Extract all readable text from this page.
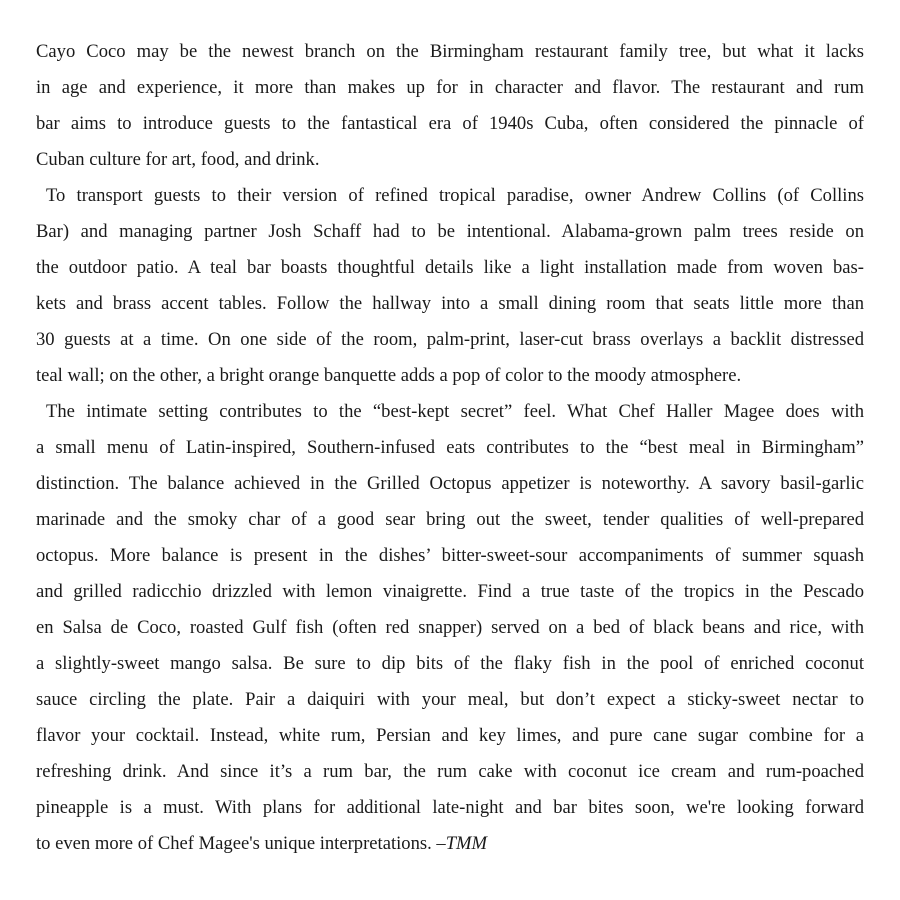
Cayo Coco may be the newest branch on the Birmingham restaurant family tree, but what it lacks
in age and experience, it more than makes up for in character and flavor. The restaurant and rum
bar aims to introduce guests to the fantastical era of 1940s Cuba, often considered the pinnacle of
Cuban culture for art, food, and drink.
To transport guests to their version of refined tropical paradise, owner Andrew Collins (of Collins
Bar) and managing partner Josh Schaff had to be intentional. Alabama-grown palm trees reside on
the outdoor patio. A teal bar boasts thoughtful details like a light installation made from woven bas-
kets and brass accent tables. Follow the hallway into a small dining room that seats little more than
30 guests at a time. On one side of the room, palm-print, laser-cut brass overlays a backlit distressed
teal wall; on the other, a bright orange banquette adds a pop of color to the moody atmosphere.
The intimate setting contributes to the “best-kept secret” feel. What Chef Haller Magee does with
a small menu of Latin-inspired, Southern-infused eats contributes to the “best meal in Birmingham”
distinction. The balance achieved in the Grilled Octopus appetizer is noteworthy. A savory basil-garlic
marinade and the smoky char of a good sear bring out the sweet, tender qualities of well-prepared
octopus. More balance is present in the dishes’ bitter-sweet-sour accompaniments of summer squash
and grilled radicchio drizzled with lemon vinaigrette. Find a true taste of the tropics in the Pescado
en Salsa de Coco, roasted Gulf fish (often red snapper) served on a bed of black beans and rice, with
a slightly-sweet mango salsa. Be sure to dip bits of the flaky fish in the pool of enriched coconut
sauce circling the plate. Pair a daiquiri with your meal, but don’t expect a sticky-sweet nectar to
flavor your cocktail. Instead, white rum, Persian and key limes, and pure cane sugar combine for a
refreshing drink. And since it’s a rum bar, the rum cake with coconut ice cream and rum-poached
pineapple is a must. With plans for additional late-night and bar bites soon, we're looking forward
to even more of Chef Magee's unique interpretations. –TMM
